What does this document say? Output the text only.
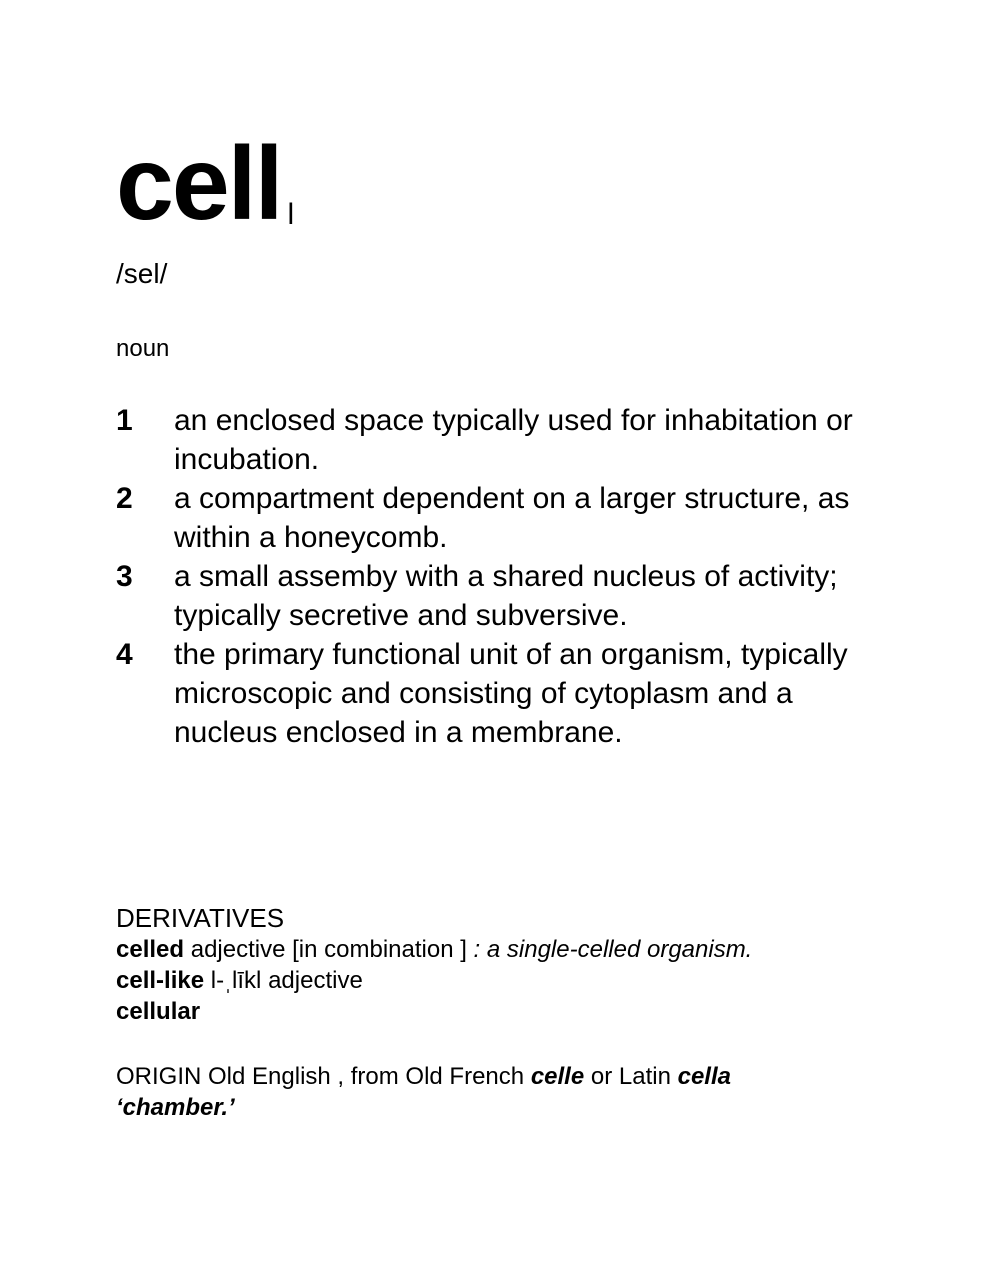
cell l
/sel/
noun
1 an enclosed space typically used for inhabitation or incubation.
2 a compartment dependent on a larger structure, as within a honeycomb.
3 a small assemby with a shared nucleus of activity; typically secretive and subversive.
4 the primary functional unit of an organism, typically microscopic and consisting of cytoplasm and a nucleus enclosed in a membrane.
DERIVATIVES
celled adjective [in combination ] : a single-celled organism.
cell-like l-ˌlīkl adjective
cellular
ORIGIN Old English , from Old French celle or Latin cella
‘chamber.’
